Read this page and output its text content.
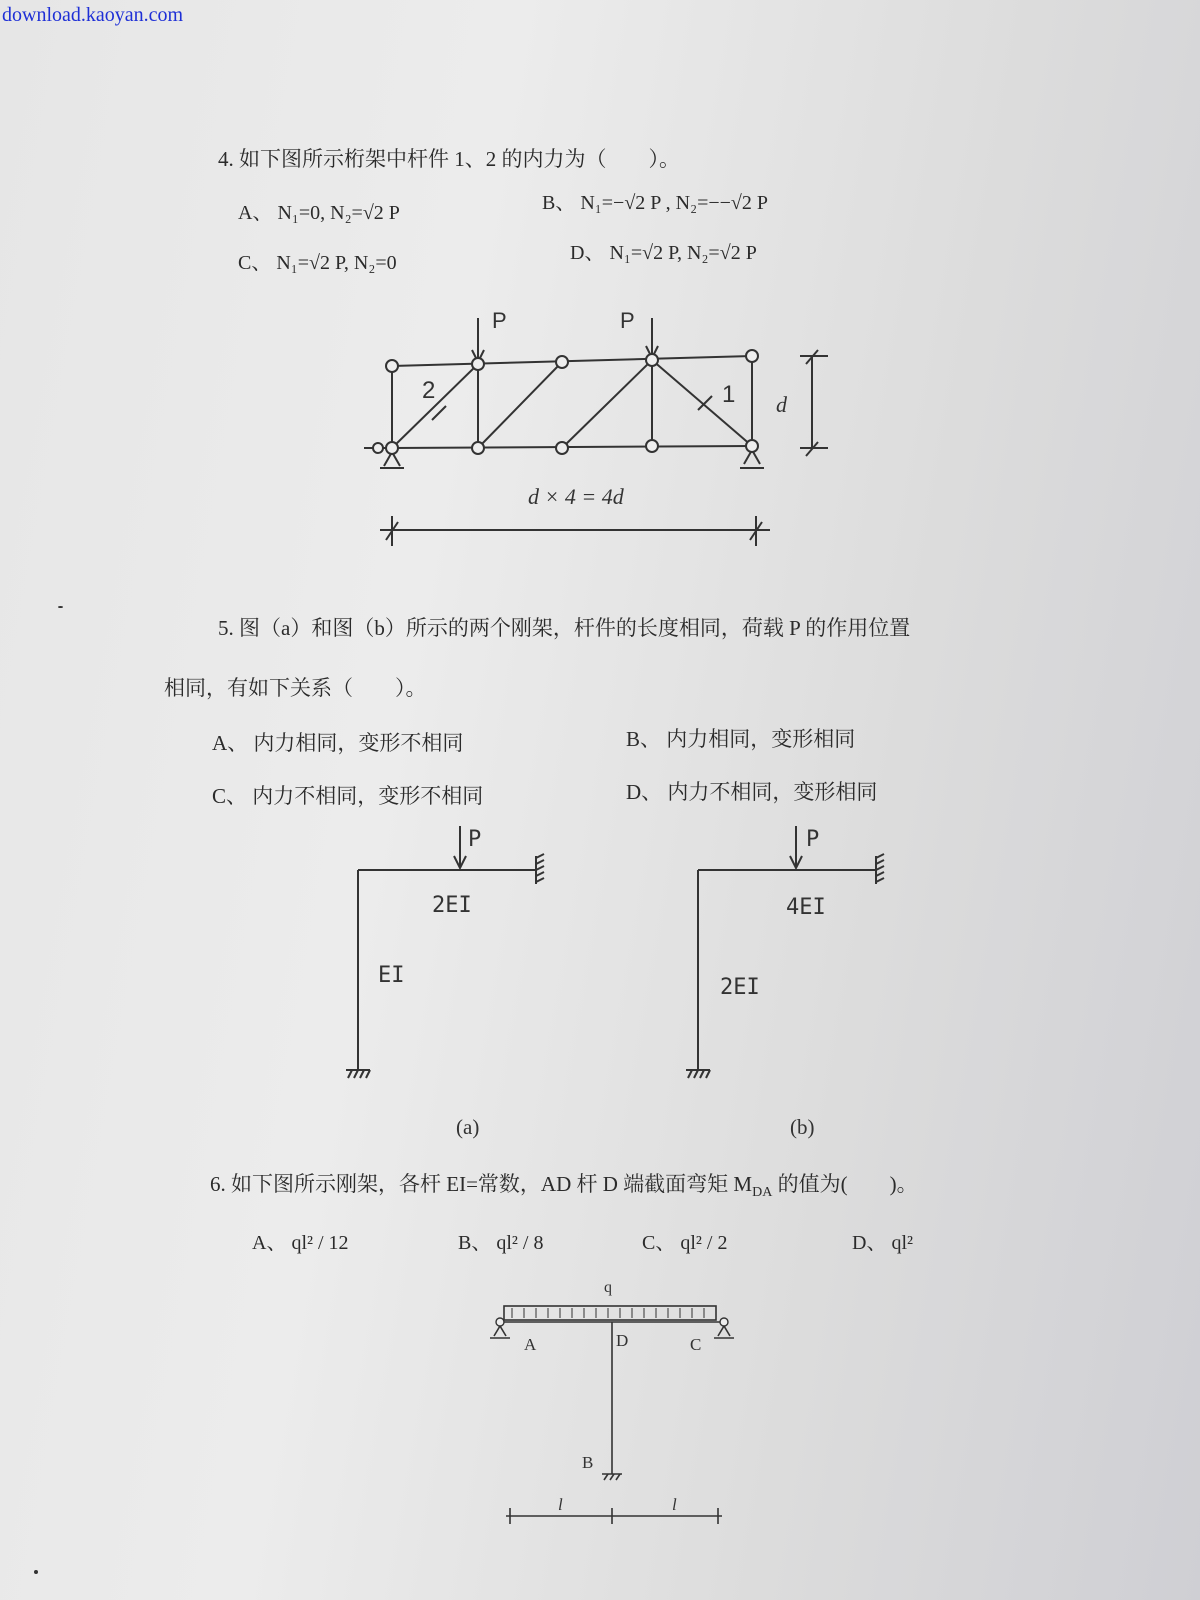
download.kaoyan.com
4. 如下图所示桁架中杆件 1、2 的内力为（　　）。
A、 N₁=0, N₂=√2 P	B、 N₁=−√2 P , N₂=−−√2 P
C、 N₁=√2 P, N₂=0	D、 N₁=√2 P, N₂=√2 P
P	P
2	1 d
d × 4 = 4d
5. 图（a）和图（b）所示的两个刚架，杆件的长度相同，荷载 P 的作用位置
相同，有如下关系（　　）。
A、 内力相同，变形不相同	B、 内力相同，变形相同
C、 内力不相同，变形不相同	D、 内力不相同，变形相同
P
2EI
EI
(a)
P
4EI
2EI
(b)
6. 如下图所示刚架，各杆 EI=常数，AD 杆 D 端截面弯矩 $M_{DA}$ 的值为(　　)。
A、 ql² / 12	B、 ql² / 8	C、 ql² / 2	D、 ql²
q
A	D	C
B
l	l
